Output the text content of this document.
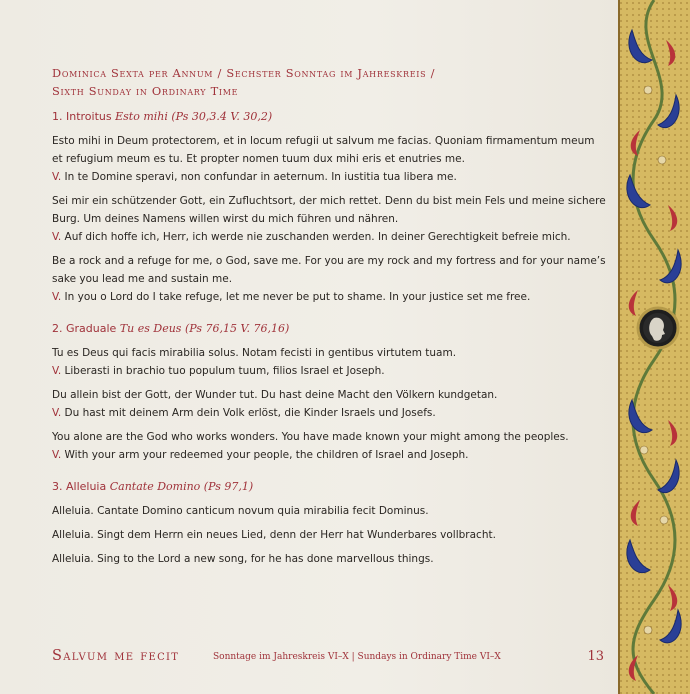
Dominica Sexta per Annum / Sechster Sonntag im Jahreskreis /
Sixth Sunday in Ordinary Time
1. Introitus Esto mihi (Ps 30,3.4 V. 30,2)

Esto mihi in Deum protectorem, et in locum refugii ut salvum me facias. Quoniam firmamentum meum et refugium meum es tu. Et propter nomen tuum dux mihi eris et enutries me.

V. In te Domine speravi, non confundar in aeternum. In iustitia tua libera me.

Sei mir ein schützender Gott, ein Zufluchtsort, der mich rettet. Denn du bist mein Fels und meine sichere Burg. Um deines Namens willen wirst du mich führen und nähren.

V. Auf dich hoffe ich, Herr, ich werde nie zuschanden werden. In deiner Gerechtigkeit befreie mich.

Be a rock and a refuge for me, o God, save me. For you are my rock and my fortress and for your name’s sake you lead me and sustain me.

V. In you o Lord do I take refuge, let me never be put to shame. In your justice set me free.

2. Graduale Tu es Deus (Ps 76,15 V. 76,16)

Tu es Deus qui facis mirabilia solus. Notam fecisti in gentibus virtutem tuam.

V. Liberasti in brachio tuo populum tuum, filios Israel et Joseph.

Du allein bist der Gott, der Wunder tut. Du hast deine Macht den Völkern kundgetan.

V. Du hast mit deinem Arm dein Volk erlöst, die Kinder Israels und Josefs.

You alone are the God who works wonders. You have made known your might among the peoples.

V. With your arm your redeemed your people, the children of Israel and Joseph.

3. Alleluia Cantate Domino (Ps 97,1)

Alleluia. Cantate Domino canticum novum quia mirabilia fecit Dominus.

Alleluia. Singt dem Herrn ein neues Lied, denn der Herr hat Wunderbares vollbracht.

Alleluia. Sing to the Lord a new song, for he has done marvellous things.

Salvum me fecit	Sonntage im Jahreskreis VI–X | Sundays in Ordinary Time VI–X	13
